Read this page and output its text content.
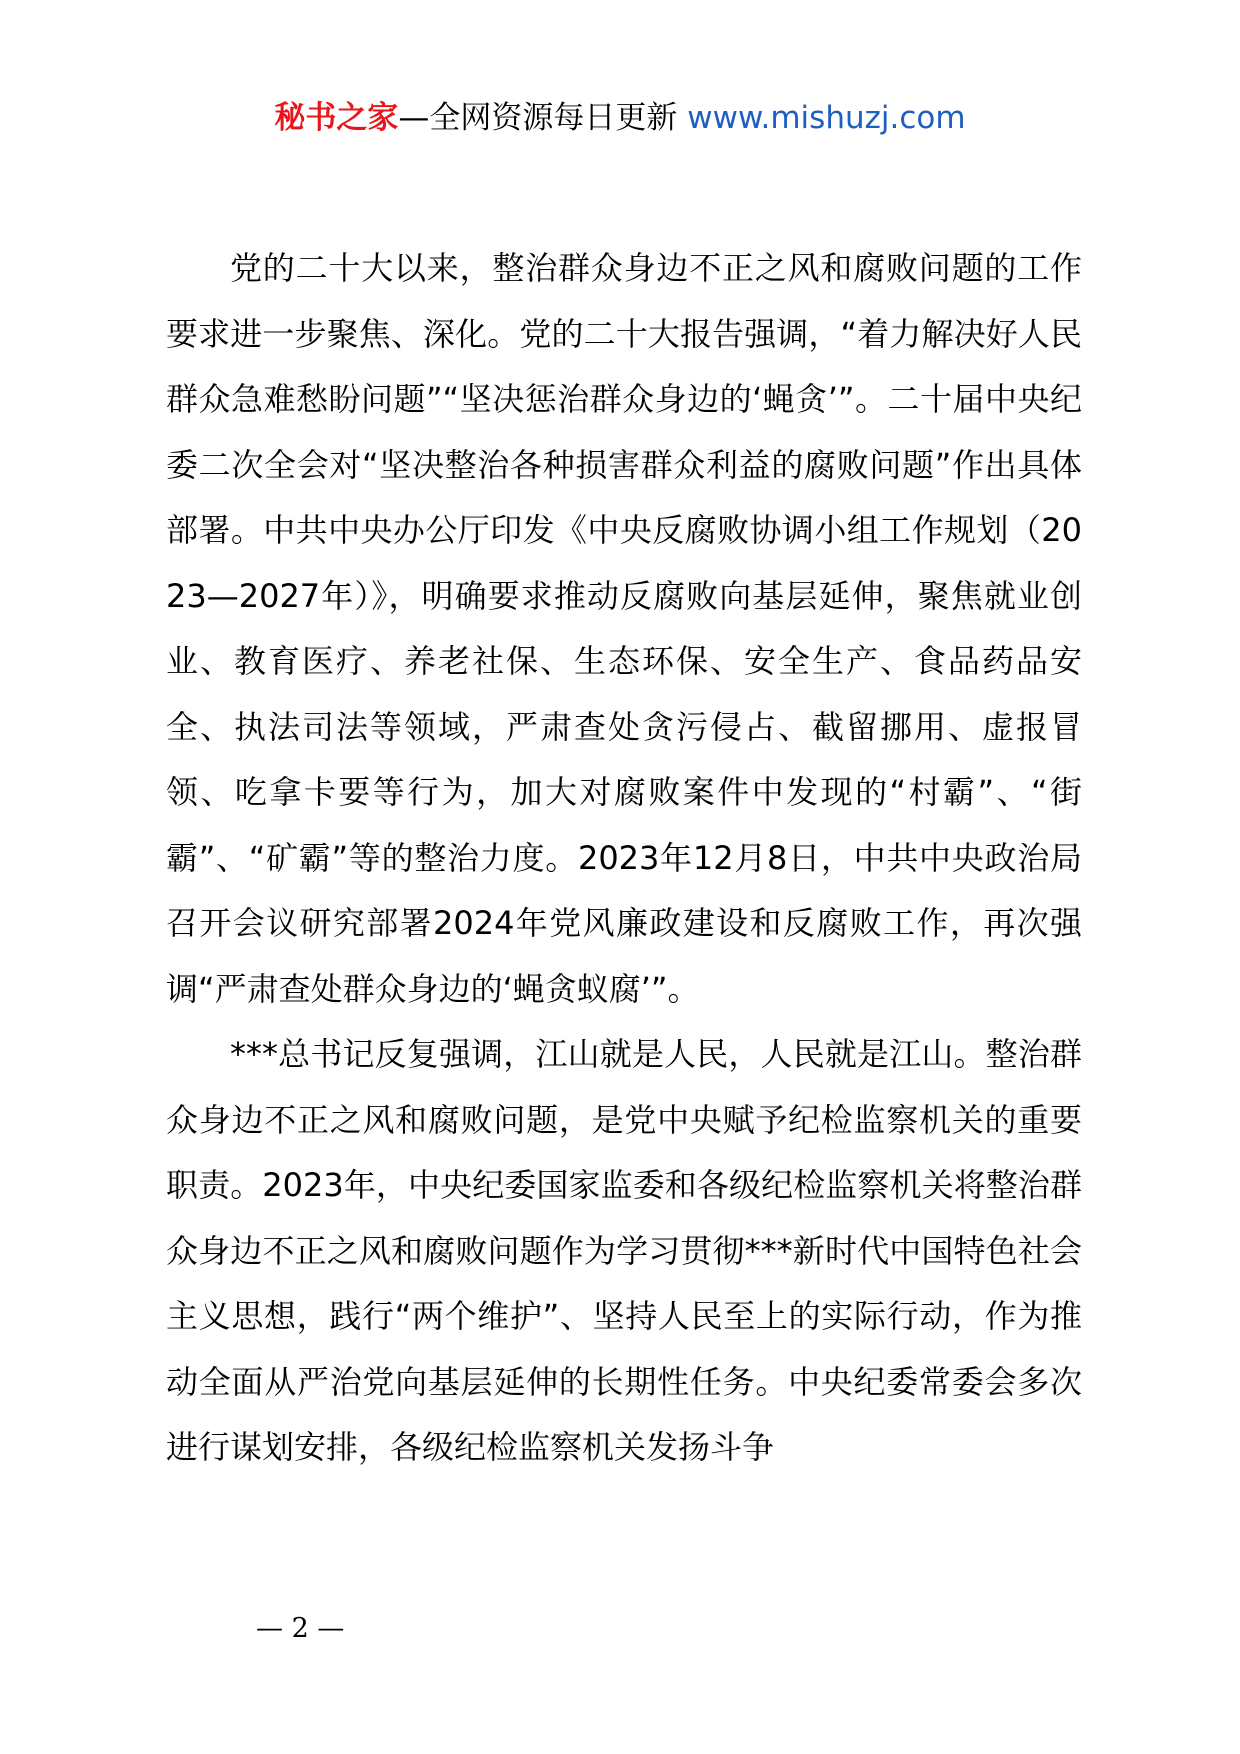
秘书之家—全网资源每日更新 www.mishuzj.com

党的二十大以来，整治群众身边不正之风和腐败问题的工作要求进一步聚焦、深化。党的二十大报告强调，“着力解决好人民群众急难愁盼问题”“坚决惩治群众身边的‘蝇贪’”。二十届中央纪委二次全会对“坚决整治各种损害群众利益的腐败问题”作出具体部署。中共中央办公厅印发《中央反腐败协调小组工作规划（2023—2027年）》，明确要求推动反腐败向基层延伸，聚焦就业创业、教育医疗、养老社保、生态环保、安全生产、食品药品安全、执法司法等领域，严肃查处贪污侵占、截留挪用、虚报冒领、吃拿卡要等行为，加大对腐败案件中发现的“村霸”、“街霸”、“矿霸”等的整治力度。2023年12月8日，中共中央政治局召开会议研究部署2024年党风廉政建设和反腐败工作，再次强调“严肃查处群众身边的‘蝇贪蚁腐’”。

***总书记反复强调，江山就是人民，人民就是江山。整治群众身边不正之风和腐败问题，是党中央赋予纪检监察机关的重要职责。2023年，中央纪委国家监委和各级纪检监察机关将整治群众身边不正之风和腐败问题作为学习贯彻***新时代中国特色社会主义思想，践行“两个维护”、坚持人民至上的实际行动，作为推动全面从严治党向基层延伸的长期性任务。中央纪委常委会多次进行谋划安排，各级纪检监察机关发扬斗争

— 2 —
